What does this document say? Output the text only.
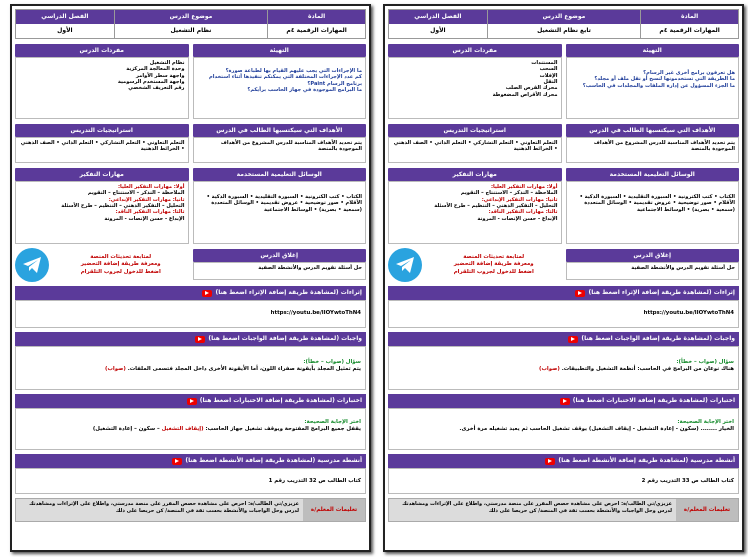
المادة
المهارات الرقمية ٤م
موضوع الدرس
تابع نظام التشغيل
الفصل الدراسي
الأول
التهيئة
هل تعرفون برامج أخرى غير الرسام؟
ما الطريقة التي تستخدمونها لنسخ أو نقل ملف أو مجلد؟
ما الجزء المسؤول عن إدارة الملفات والمجلدات في الحاسب؟
مفردات الدرس
المستندات
السحب
الإفلات
النقل
محرك القرص الصلب
محرك الأقراص المضغوطة
الأهداف التي سيكتسبها الطالب في الدرس
يتم تحديد الأهداف المناسبة للدرس المشروع من الأهداف الموجودة بالمنصة
استراتيجيات التدريس
التعلم التعاوني • التعلم التشاركي • التعلم الذاتي • الصف الذهني • الخرائط الذهنية
الوسائل التعليمية المستخدمة
الكتاب • كتب الكترونية • السبورة التقليدية • السبورة الذكية • الأقلام • صور توضيحية • عروض تقديمية • الوسائل المتعددة (سمعية • بصرية) • الوسائط الاجتماعية
إغلاق الدرس
حل أسئلة تقويم الدرس والأنشطة الصفية
مهارات التفكير
أولا: مهارات التفكير العليا:
الملاحظة – التذكر – الاستنتاج – التقويم
ثانيا: مهارات التفكير الإبداعي:
التحليل – التفكير الذهني – التنظيم – طرح الأسئلة
ثالثا: مهارات التفكير الناقد:
الإبداع - حسن الإنصات - المرونة
لمتابعة تحديثات المنصة
ومعرفة طريقة إضافة التحضير
اضغط للدخول لجروب التلقرام
إثراءات (لمشاهدة طريقة إضافة الإثراء اضغط هنا)
https://youtu.be/lIOYwtoThN4
واجبات (لمشاهدة طريقة إضافة الواجبات اضغط هنا)
سؤال (صواب – خطأ):
هناك نوعان من البرامج في الحاسب: أنظمة التشغيل والتطبيقات. (صواب)
اختبارات (لمشاهدة طريقة إضافة الاختبارات اضغط هنا)
اختر الإجابة الصحيحة:
الخيار ........ (سكون - إعادة التشغيل - إيقاف التشغيل) يوقف تشغيل الحاسب ثم يعيد تشغيله مرة أخرى.
أنشطة مدرسية (لمشاهدة طريقة إضافة الأنشطة اضغط هنا)
كتاب الطالب ص 33 التدريب رقم 2
تعليمات المعلم/ة
عزيزي/تي الطالب/ة: احرص على مشاهدة حصص المقرر على منصة مدرستي، واطلاع على الإثراءات ومشاهدتك لدرس وحل الواجبات والأنشطة بحسب ثقة في المنصة/ كن حريصا على ذلك
المادة
المهارات الرقمية ٤م
موضوع الدرس
نظام التشغيل
الفصل الدراسي
الأول
التهيئة
ما الإجراءات التي يجب عليهم القيام بها لطباعة صورة؟
كم عدد الإجراءات المختلفة التي يمكنكم تنفيذها أثناء استخدام برنامج الرسام Paint؟
ما البرامج الموجودة في جهاز الحاسب برأيكم؟
مفردات الدرس
نظام التشغيل
وحدة المعالجة المركزية
واجهة سطر الأوامر
واجهة المستخدم الرسومية
رقم التعريف الشخصي
الأهداف التي سيكتسبها الطالب في الدرس
يتم تحديد الأهداف المناسبة للدرس المشروع من الأهداف الموجودة بالمنصة
استراتيجيات التدريس
التعلم التعاوني • التعلم التشاركي • التعلم الذاتي • الصف الذهني • الخرائط الذهنية
الوسائل التعليمية المستخدمة
الكتاب • كتب الكترونية • السبورة التقليدية • السبورة الذكية • الأقلام • صور توضيحية • عروض تقديمية • الوسائل المتعددة (سمعية • بصرية) • الوسائط الاجتماعية
إغلاق الدرس
حل أسئلة تقويم الدرس والأنشطة الصفية
مهارات التفكير
أولا: مهارات التفكير العليا:
الملاحظة – التذكر – الاستنتاج – التقويم
ثانيا: مهارات التفكير الإبداعي:
التحليل – التفكير الذهني – التنظيم – طرح الأسئلة
ثالثا: مهارات التفكير الناقد:
الإبداع - حسن الإنصات - المرونة
لمتابعة تحديثات المنصة
ومعرفة طريقة إضافة التحضير
اضغط للدخول لجروب التلقرام
إثراءات (لمشاهدة طريقة إضافة الإثراء اضغط هنا)
https://youtu.be/lIOYwtoThN4
واجبات (لمشاهدة طريقة إضافة الواجبات اضغط هنا)
سؤال (صواب – خطأ):
يتم تمثيل المجلد بأيقونة صفراء اللون، أما الأيقونة الأخرى داخل المجلد فتسمى الملفات. (صواب)
اختبارات (لمشاهدة طريقة إضافة الاختبارات اضغط هنا)
اختر الإجابة الصحيحة:
يقفل جميع البرامج المفتوحة ويوقف تشغيل جهاز الحاسب: (إيقاف التشغيل – سكون – إعادة التشغيل)
أنشطة مدرسية (لمشاهدة طريقة إضافة الأنشطة اضغط هنا)
كتاب الطالب ص 32 التدريب رقم 1
تعليمات المعلم/ة
عزيزي/تي الطالب/ة: احرص على مشاهدة حصص المقرر على منصة مدرستي، واطلاع على الإثراءات ومشاهدتك لدرس وحل الواجبات والأنشطة بحسب ثقة في المنصة/ كن حريصا على ذلك
